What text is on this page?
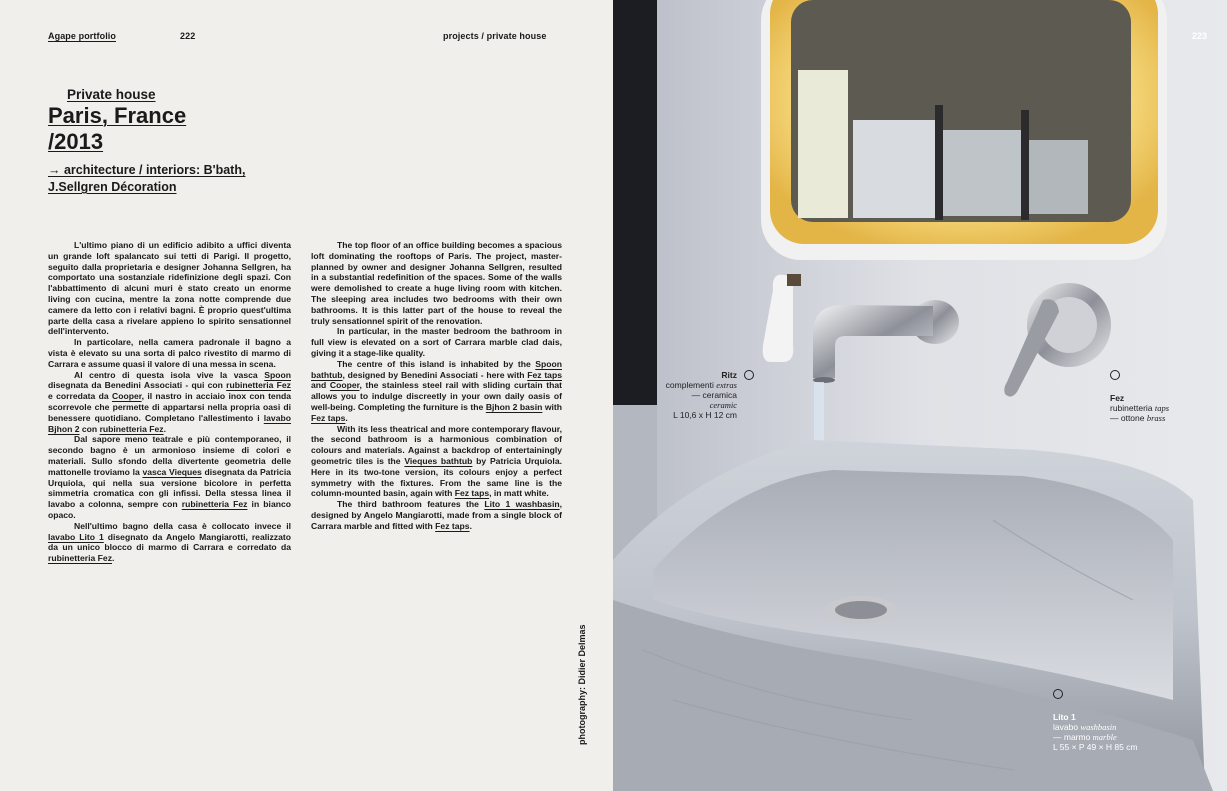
Agape portfolio	222	projects / private house
Private house
Paris, France
/2013
→ architecture / interiors: B'bath,
J.Sellgren Décoration

L'ultimo piano di un edificio adibito a uffici diventa un grande loft spalancato sui tetti di Parigi. Il progetto, seguito dalla proprietaria e designer Johanna Sellgren, ha comportato una sostanziale ridefinizione degli spazi. Con l'abbattimento di alcuni muri è stato creato un enorme living con cucina, mentre la zona notte comprende due camere da letto con i relativi bagni. È proprio quest'ultima parte della casa a rivelare appieno lo spirito sensationnel dell'intervento.

In particolare, nella camera padronale il bagno a vista è elevato su una sorta di palco rivestito di marmo di Carrara e assume quasi il valore di una messa in scena.

Al centro di questa isola vive la vasca Spoon disegnata da Benedini Associati - qui con rubinetteria Fez e corredata da Cooper, il nastro in acciaio inox con tenda scorrevole che permette di appartarsi nella propria oasi di benessere quotidiano. Completano l'allestimento i lavabo Bjhon 2 con rubinetteria Fez.

Dal sapore meno teatrale e più contemporaneo, il secondo bagno è un armonioso insieme di colori e materiali. Sullo sfondo della divertente geometria delle mattonelle troviamo la vasca Vieques disegnata da Patricia Urquiola, qui nella sua versione bicolore in perfetta simmetria cromatica con gli infissi. Della stessa linea il lavabo a colonna, sempre con rubinetteria Fez in bianco opaco.

Nell'ultimo bagno della casa è collocato invece il lavabo Lito 1 disegnato da Angelo Mangiarotti, realizzato da un unico blocco di marmo di Carrara e corredato da rubinetteria Fez.

The top floor of an office building becomes a spacious loft dominating the rooftops of Paris. The project, master-planned by owner and designer Johanna Sellgren, resulted in a substantial redefinition of the spaces. Some of the walls were demolished to create a huge living room with kitchen. The sleeping area includes two bedrooms with their own bathrooms. It is this latter part of the house to reveal the truly sensationnel spirit of the renovation.

In particular, in the master bedroom the bathroom in full view is elevated on a sort of Carrara marble clad dais, giving it a stage-like quality.

The centre of this island is inhabited by the Spoon bathtub, designed by Benedini Associati - here with Fez taps and Cooper, the stainless steel rail with sliding curtain that allows you to indulge discreetly in your own daily oasis of well-being. Completing the furniture is the Bjhon 2 basin with Fez taps.

With its less theatrical and more contemporary flavour, the second bathroom is a harmonious combination of colours and materials. Against a backdrop of entertainingly geometric tiles is the Vieques bathtub by Patricia Urquiola. Here in its two-tone version, its colours enjoy a perfect symmetry with the fixtures. From the same line is the column-mounted basin, again with Fez taps, in matt white.

The third bathroom features the Lito 1 washbasin, designed by Angelo Mangiarotti, made from a single block of Carrara marble and fitted with Fez taps.

photography: Didier Delmas
223
Ritz
complementi extras
— ceramica ceramic
L 10,6 x H 12 cm
Fez
rubinetteria taps
— ottone brass
Lito 1
lavabo washbasin
— marmo marble
L 55 × P 49 × H 85 cm
